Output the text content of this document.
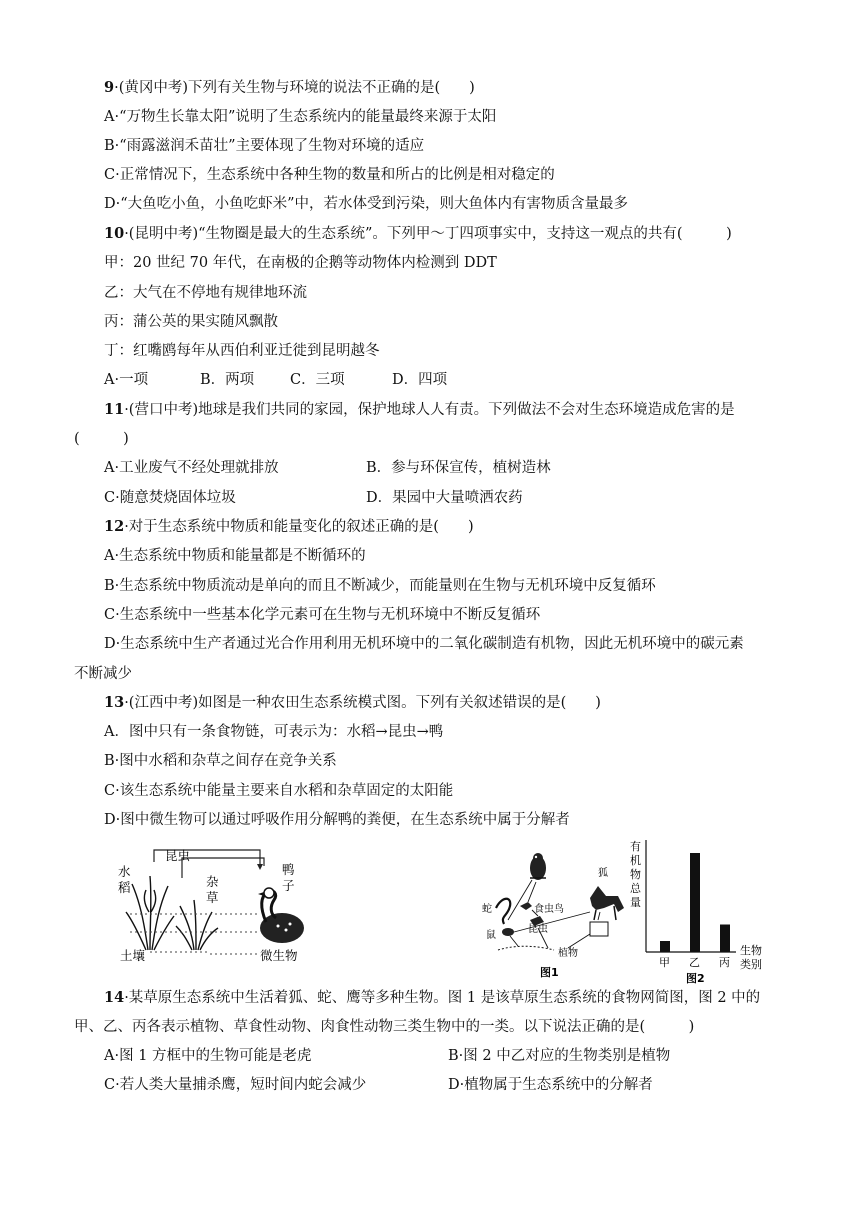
9·(黄冈中考)下列有关生物与环境的说法不正确的是(　　)
A·“万物生长靠太阳”说明了生态系统内的能量最终来源于太阳
B·“雨露滋润禾苗壮”主要体现了生物对环境的适应
C·正常情况下，生态系统中各种生物的数量和所占的比例是相对稳定的
D·“大鱼吃小鱼，小鱼吃虾米”中，若水体受到污染，则大鱼体内有害物质含量最多
10·(昆明中考)“生物圈是最大的生态系统”。下列甲～丁四项事实中，支持这一观点的共有(　　　)
甲：20 世纪 70 年代，在南极的企鹅等动物体内检测到 DDT
乙：大气在不停地有规律地环流
丙：蒲公英的果实随风飘散
丁：红嘴鸥每年从西伯利亚迁徙到昆明越冬
A·一项	B．两项 C．三项	D．四项
11·(营口中考)地球是我们共同的家园，保护地球人人有责。下列做法不会对生态环境造成危害的是
(　　　)
A·工业废气不经处理就排放	B．参与环保宣传，植树造林
C·随意焚烧固体垃圾	D．果园中大量喷洒农药
12·对于生态系统中物质和能量变化的叙述正确的是(　　)
A·生态系统中物质和能量都是不断循环的
B·生态系统中物质流动是单向的而且不断减少，而能量则在生物与无机环境中反复循环
C·生态系统中一些基本化学元素可在生物与无机环境中不断反复循环
D·生态系统中生产者通过光合作用利用无机环境中的二氧化碳制造有机物，因此无机环境中的碳元素
不断减少
13·(江西中考)如图是一种农田生态系统模式图。下列有关叙述错误的是(　　)
A．图中只有一条食物链，可表示为：水稻→昆虫→鸭
B·图中水稻和杂草之间存在竞争关系
C·该生态系统中能量主要来自水稻和杂草固定的太阳能
D·图中微生物可以通过呼吸作用分解鸭的粪便，在生态系统中属于分解者
昆虫
水
稻	杂
草
鸭
子
土壤	微生物
狐
蛇	食虫鸟
鼠
昆虫
植物
图1
有
机
物
总
量
甲 乙 丙
生物
类别
图2
14·某草原生态系统中生活着狐、蛇、鹰等多种生物。图 1 是该草原生态系统的食物网简图，图 2 中的
甲、乙、丙各表示植物、草食性动物、肉食性动物三类生物中的一类。以下说法正确的是(　　　)
A·图 1 方框中的生物可能是老虎	B·图 2 中乙对应的生物类别是植物
C·若人类大量捕杀鹰，短时间内蛇会减少	D·植物属于生态系统中的分解者
